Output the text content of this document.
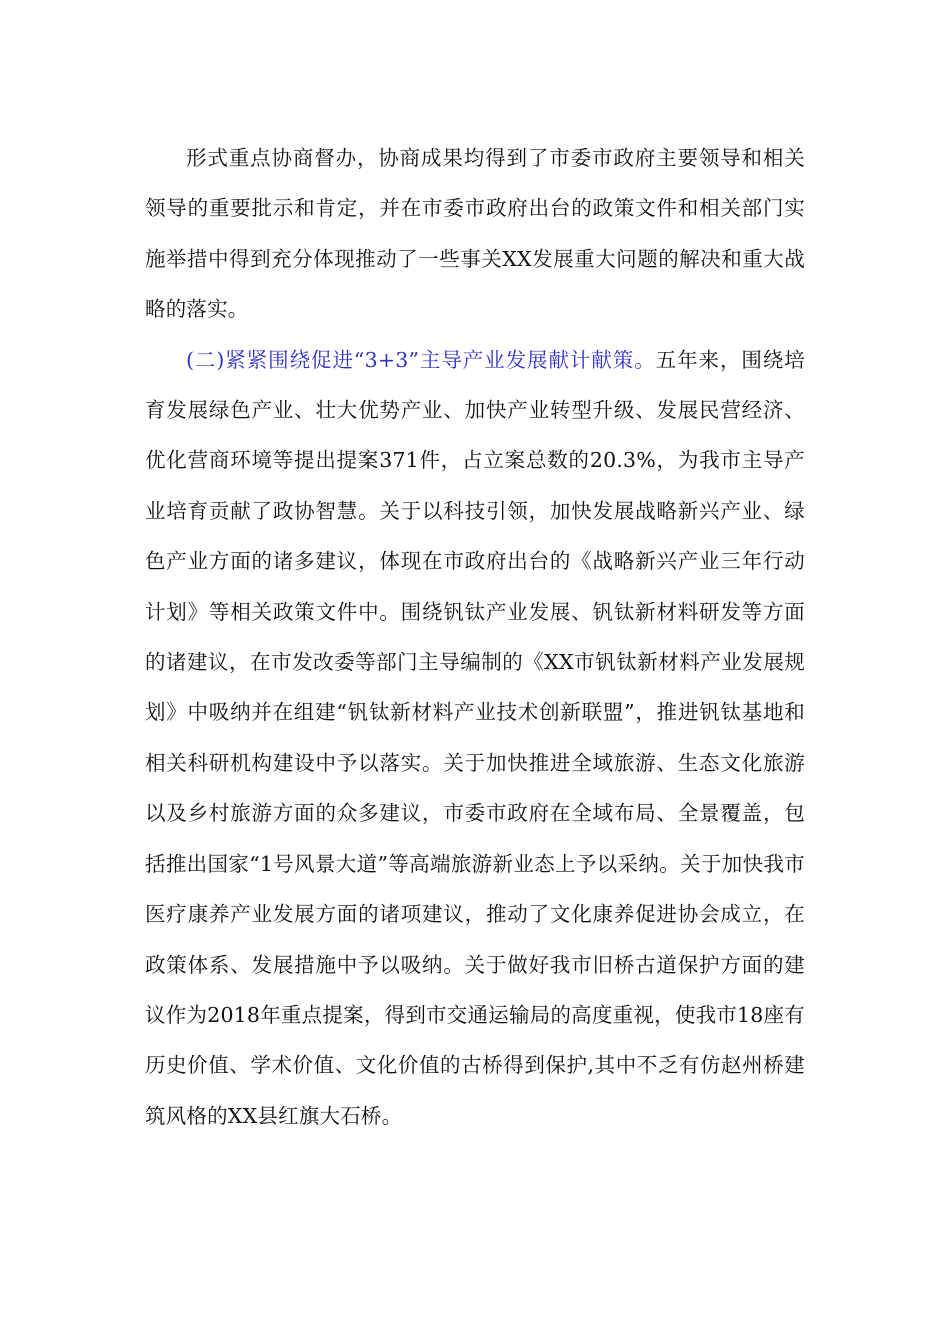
形式重点协商督办，协商成果均得到了市委市政府主要领导和相关领导的重要批示和肯定，并在市委市政府出台的政策文件和相关部门实施举措中得到充分体现推动了一些事关XX发展重大问题的解决和重大战略的落实。

(二)紧紧围绕促进“3+3”主导产业发展献计献策。五年来，围绕培育发展绿色产业、壮大优势产业、加快产业转型升级、发展民营经济、优化营商环境等提出提案371件，占立案总数的20.3%，为我市主导产业培育贡献了政协智慧。关于以科技引领，加快发展战略新兴产业、绿色产业方面的诸多建议，体现在市政府出台的《战略新兴产业三年行动计划》等相关政策文件中。围绕钒钛产业发展、钒钛新材料研发等方面的诸建议，在市发改委等部门主导编制的《XX市钒钛新材料产业发展规划》中吸纳并在组建“钒钛新材料产业技术创新联盟”，推进钒钛基地和相关科研机构建设中予以落实。关于加快推进全域旅游、生态文化旅游以及乡村旅游方面的众多建议，市委市政府在全域布局、全景覆盖，包括推出国家“1号风景大道”等高端旅游新业态上予以采纳。关于加快我市医疗康养产业发展方面的诸项建议，推动了文化康养促进协会成立，在政策体系、发展措施中予以吸纳。关于做好我市旧桥古道保护方面的建议作为2018年重点提案，得到市交通运输局的高度重视，使我市18座有历史价值、学术价值、文化价值的古桥得到保护,其中不乏有仿赵州桥建筑风格的XX县红旗大石桥。
